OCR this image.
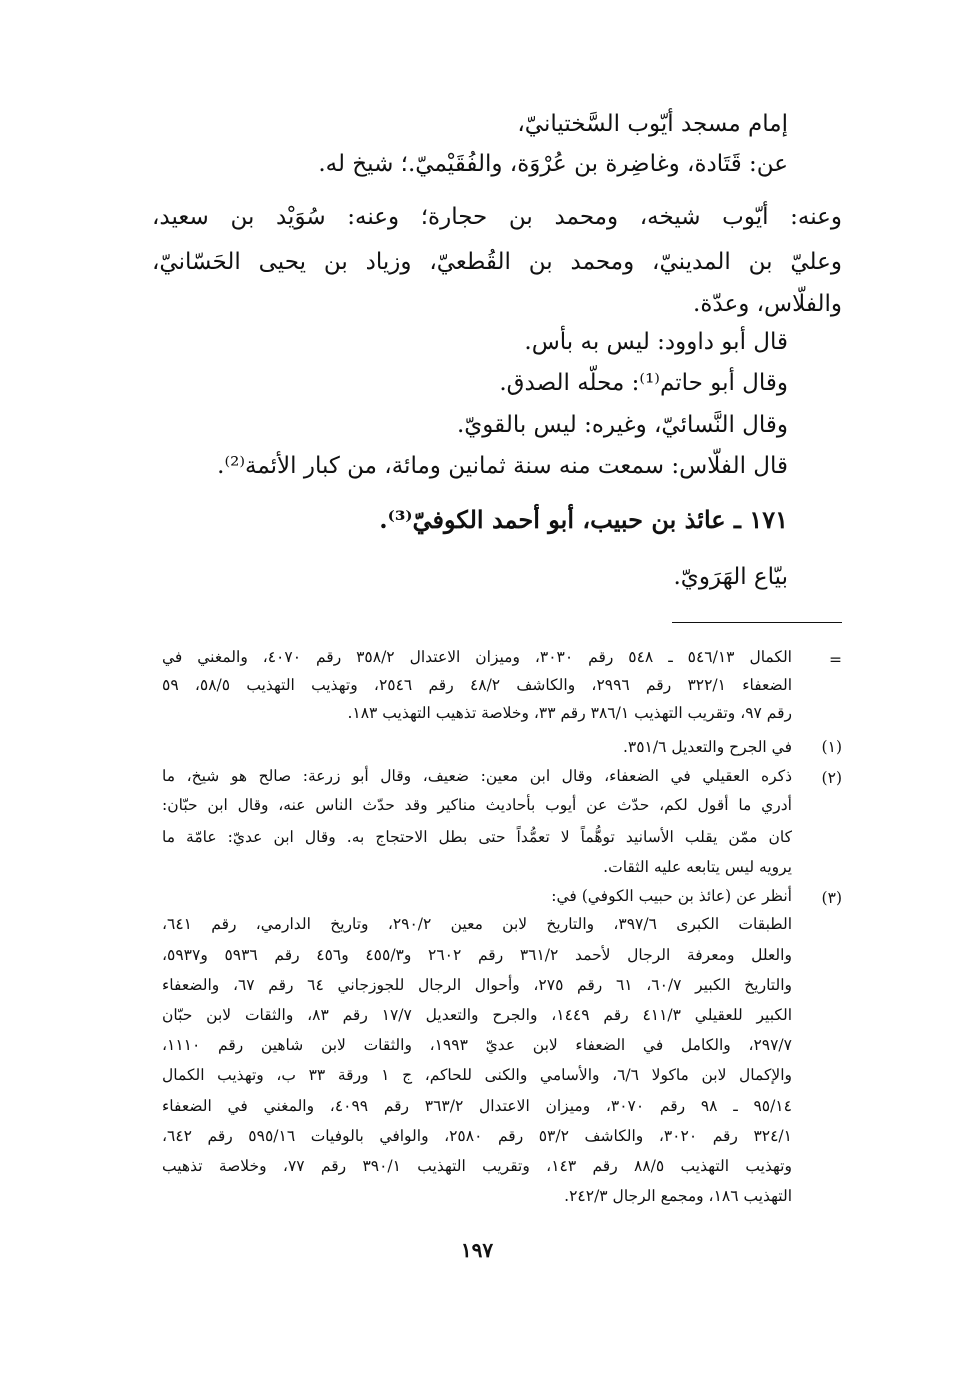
إمام مسجد أيّوب السَّختيانيّ،
عن: قَتَادة، وغاضِرة بن عُرْوَة، والفُقَيْميّ.؛ شيخ له.
وعنه: أيّوب شيخه، ومحمد بن حجارة؛ وعنه: سُوَيْد بن سعيد،
وعليّ بن المدينيّ، ومحمد بن القُطعيّ، وزياد بن يحيى الحَسّانيّ،
والفلّاس، وعدّة.
قال أبو داوود: ليس به بأس.
وقال أبو حاتم⁽¹⁾: محلّه الصدق.
وقال النَّسائيّ، وغيره: ليس بالقويّ.
قال الفلّاس: سمعت منه سنة ثمانين ومائة، من كبار الأئمة⁽²⁾.
١٧١ ـ عائذ بن حبيب، أبو أحمد الكوفيّ⁽³⁾.
بيّاع الهَرَويّ.
=
الكمال ٥٤٦/١٣ ـ ٥٤٨ رقم ٣٠٣٠، وميزان الاعتدال ٣٥٨/٢ رقم ٤٠٧٠، والمغني في
الضعفاء ٣٢٢/١ رقم ٢٩٩٦، والكاشف ٤٨/٢ رقم ٢٥٤٦، وتهذيب التهذيب ٥٨/٥، ٥٩
رقم ٩٧، وتقريب التهذيب ٣٨٦/١ رقم ٣٣، وخلاصة تذهيب التهذيب ١٨٣.
(١)
في الجرح والتعديل ٣٥١/٦.
(٢)
ذكره العقيلي في الضعفاء، وقال ابن معين: ضعيف، وقال أبو زرعة: صالح هو شيخ، ما
أدري ما أقول لكم، حدّث عن أيوب بأحاديث مناكير وقد حدّث الناس عنه، وقال ابن حبّان:
كان ممّن يقلب الأسانيد توهُّماً لا تعمُّداً حتى بطل الاحتجاج به. وقال ابن عديّ: عامّة ما
يرويه ليس يتابعه عليه الثقات.
(٣)
أنظر عن (عائذ بن حبيب الكوفي) في:
الطبقات الكبرى ٣٩٧/٦، والتاريخ لابن معين ٢٩٠/٢، وتاريخ الدارمي، رقم ٦٤١،
والعلل ومعرفة الرجال لأحمد ٣٦١/٢ رقم ٢٦٠٢ و٤٥٥/٣ و٤٥٦ رقم ٥٩٣٦ و٥٩٣٧،
والتاريخ الكبير ٦٠/٧، ٦١ رقم ٢٧٥، وأحوال الرجال للجوزجاني ٦٤ رقم ٦٧، والضعفاء
الكبير للعقيلي ٤١١/٣ رقم ١٤٤٩، والجرح والتعديل ١٧/٧ رقم ٨٣، والثقات لابن حبّان
٢٩٧/٧، والكامل في الضعفاء لابن عديّ ١٩٩٣، والثقات لابن شاهين رقم ١١١٠،
والإكمال لابن ماكولا ٦/٦، والأسامي والكنى للحاكم، ج ١ ورقة ٣٣ ب، وتهذيب الكمال
٩٥/١٤ ـ ٩٨ رقم ٣٠٧٠، وميزان الاعتدال ٣٦٣/٢ رقم ٤٠٩٩، والمغني في الضعفاء
٣٢٤/١ رقم ٣٠٢٠، والكاشف ٥٣/٢ رقم ٢٥٨٠، والوافي بالوفيات ٥٩٥/١٦ رقم ٦٤٢،
وتهذيب التهذيب ٨٨/٥ رقم ١٤٣، وتقريب التهذيب ٣٩٠/١ رقم ٧٧، وخلاصة تذهيب
التهذيب ١٨٦، ومجمع الرجال ٢٤٢/٣.
١٩٧
